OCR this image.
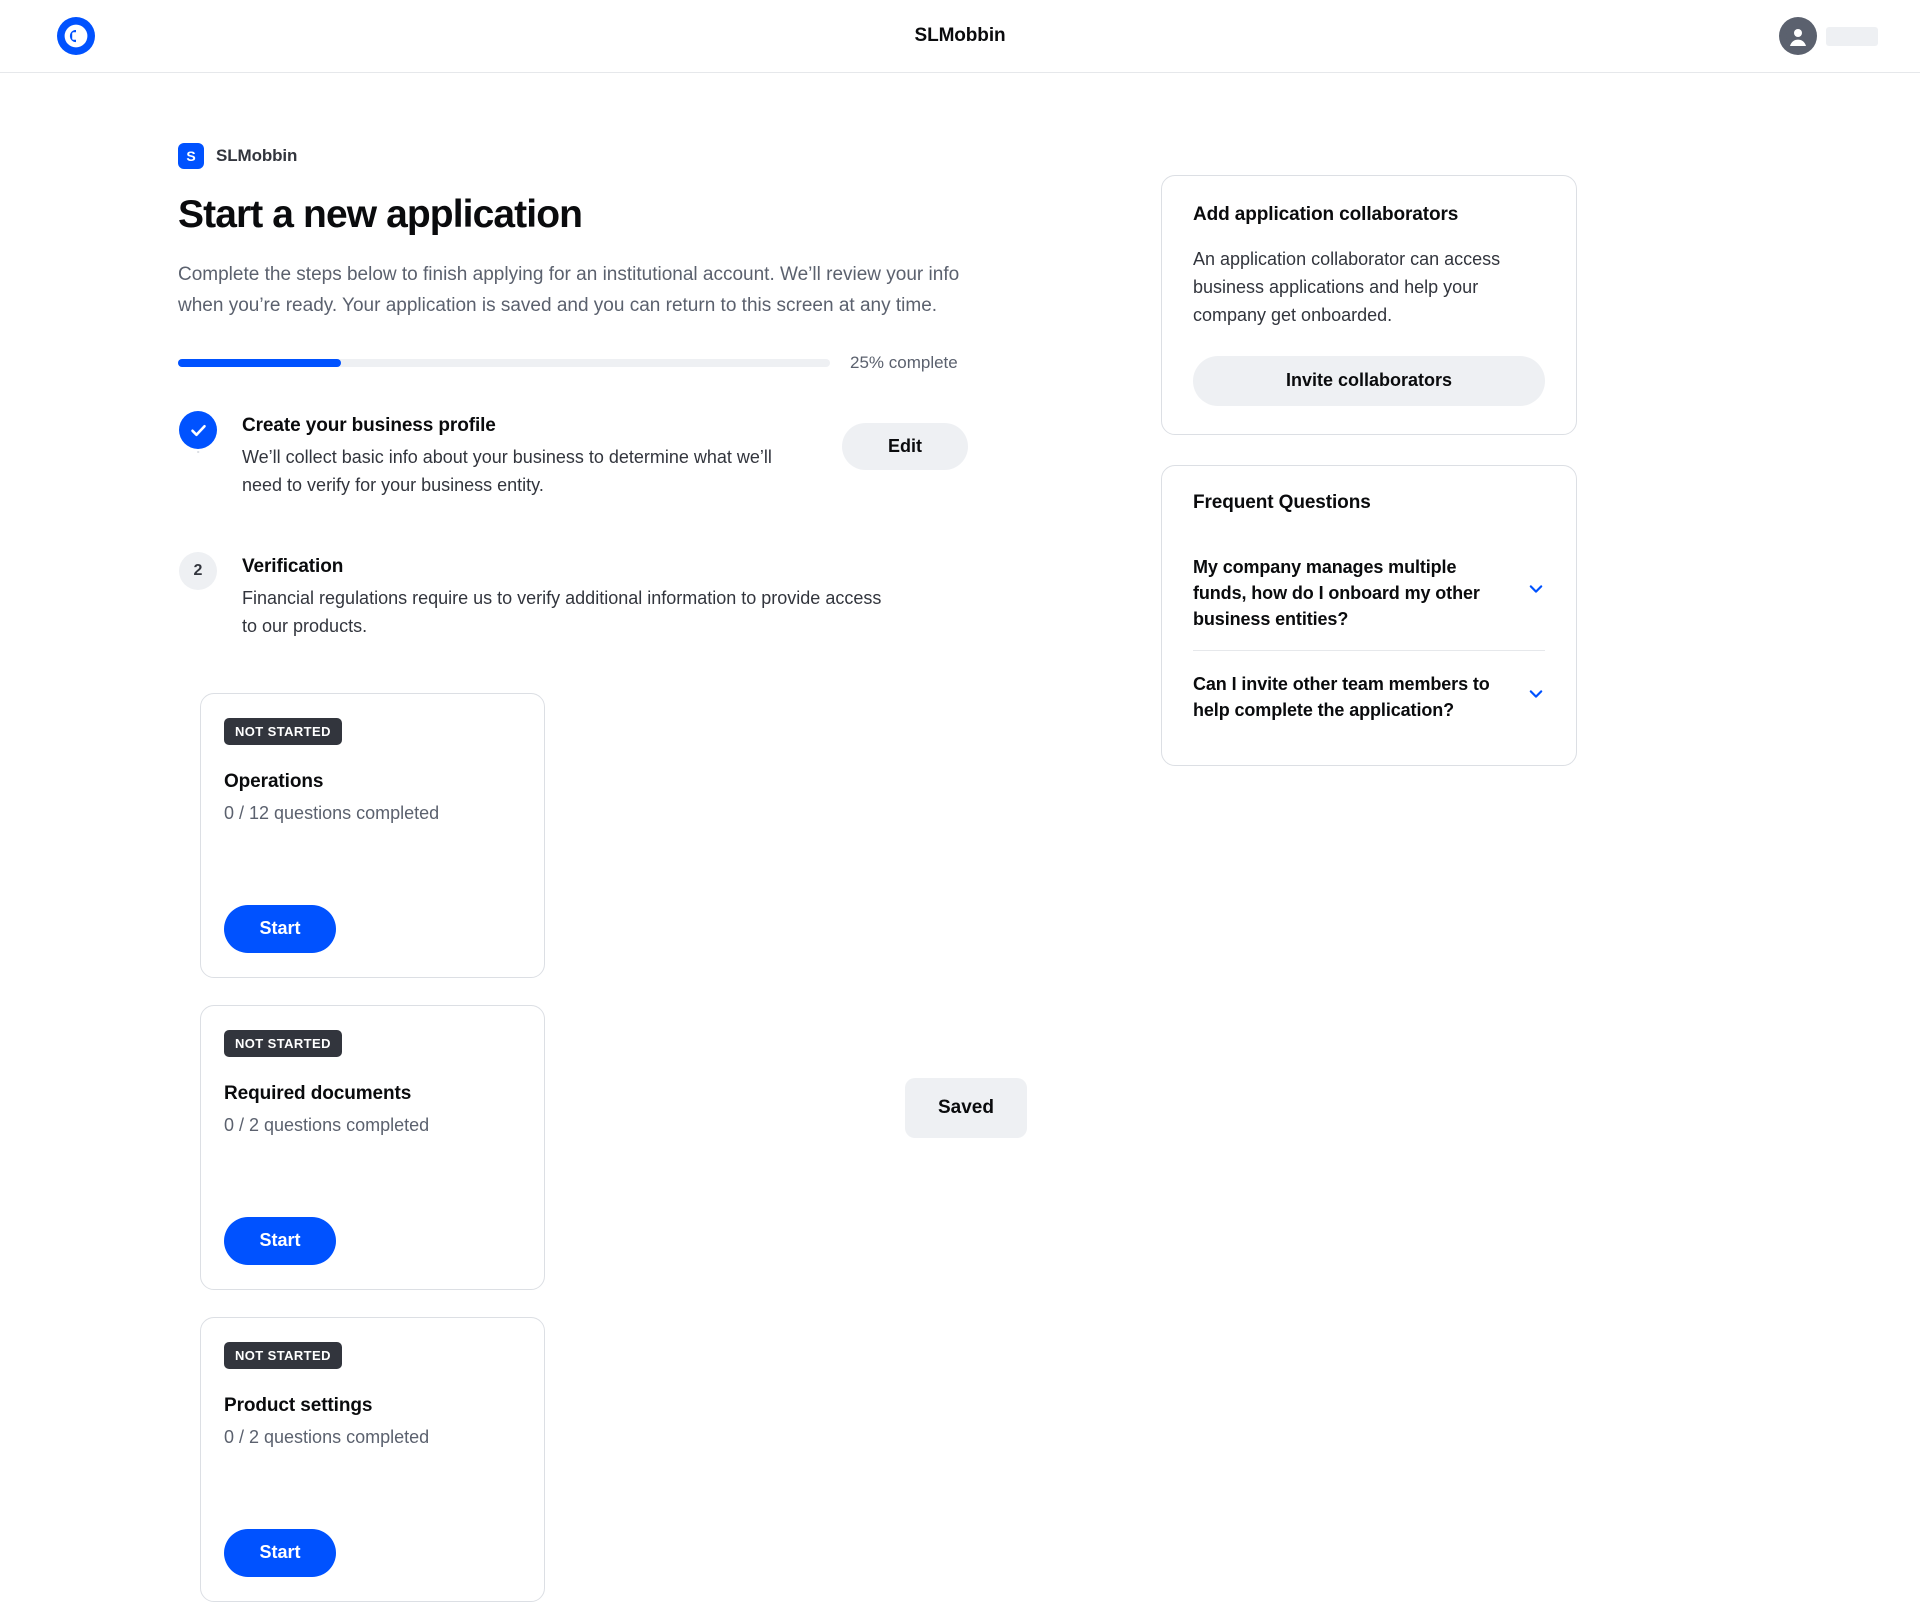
SLMobbin
S	SLMobbin
Start a new application

Complete the steps below to finish applying for an institutional account. We’ll review your info when you’re ready. Your application is saved and you can return to this screen at any time.

25% complete
Create your business profile
We’ll collect basic info about your business to determine what we’ll need to verify for your business entity.
Edit
2	Verification
Financial regulations require us to verify additional information to provide access to our products.
NOT STARTED
Operations
0 / 12 questions completed
Start
NOT STARTED
Required documents
0 / 2 questions completed
Start
NOT STARTED
Product settings
0 / 2 questions completed
Start
Saved
Add application collaborators

An application collaborator can access business applications and help your company get onboarded.

Invite collaborators
Frequent Questions
My company manages multiple funds, how do I onboard my other business entities?
Can I invite other team members to help complete the application?
